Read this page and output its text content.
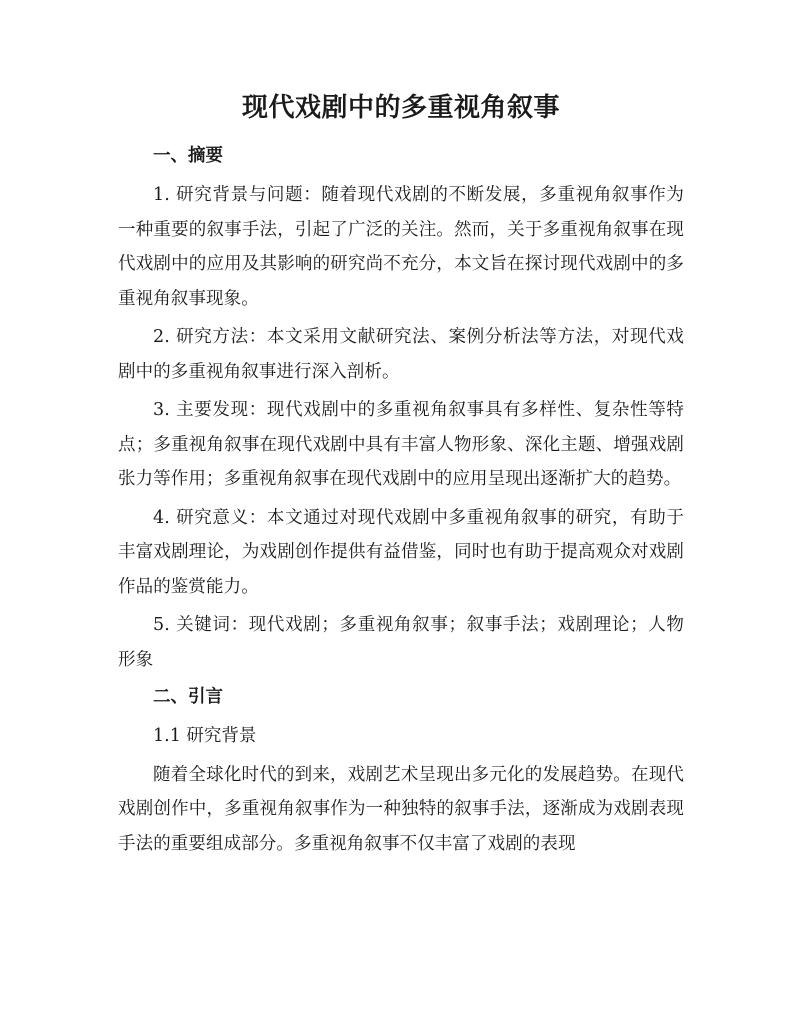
现代戏剧中的多重视角叙事
一、摘要
1. 研究背景与问题：随着现代戏剧的不断发展，多重视角叙事作为一种重要的叙事手法，引起了广泛的关注。然而，关于多重视角叙事在现代戏剧中的应用及其影响的研究尚不充分，本文旨在探讨现代戏剧中的多重视角叙事现象。
2. 研究方法：本文采用文献研究法、案例分析法等方法，对现代戏剧中的多重视角叙事进行深入剖析。
3. 主要发现：现代戏剧中的多重视角叙事具有多样性、复杂性等特点；多重视角叙事在现代戏剧中具有丰富人物形象、深化主题、增强戏剧张力等作用；多重视角叙事在现代戏剧中的应用呈现出逐渐扩大的趋势。
4. 研究意义：本文通过对现代戏剧中多重视角叙事的研究，有助于丰富戏剧理论，为戏剧创作提供有益借鉴，同时也有助于提高观众对戏剧作品的鉴赏能力。
5. 关键词：现代戏剧；多重视角叙事；叙事手法；戏剧理论；人物形象
二、引言
1.1 研究背景
随着全球化时代的到来，戏剧艺术呈现出多元化的发展趋势。在现代戏剧创作中，多重视角叙事作为一种独特的叙事手法，逐渐成为戏剧表现手法的重要组成部分。多重视角叙事不仅丰富了戏剧的表现
